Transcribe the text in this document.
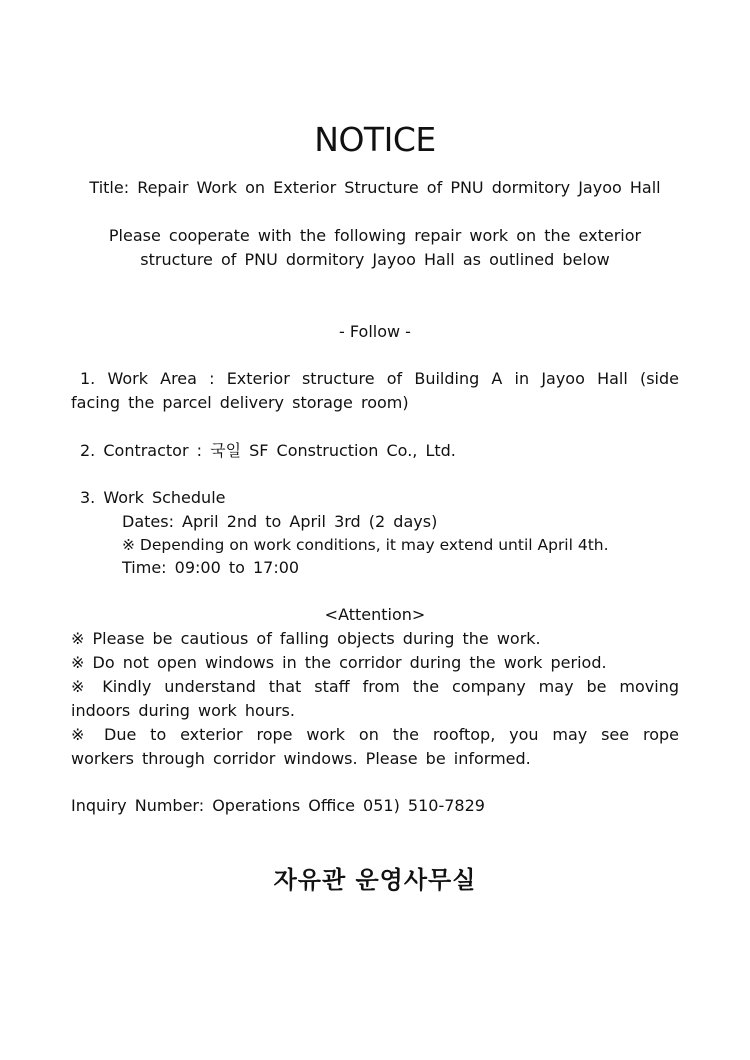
NOTICE
Title: Repair Work on Exterior Structure of PNU dormitory Jayoo Hall
Please cooperate with the following repair work on the exterior
structure of PNU dormitory Jayoo Hall as outlined below
- Follow -
1. Work Area : Exterior structure of Building A in Jayoo Hall (side
facing the parcel delivery storage room)
2. Contractor : 국일 SF Construction Co., Ltd.
3. Work Schedule
Dates: April 2nd to April 3rd (2 days)
※ Depending on work conditions, it may extend until April 4th.
Time: 09:00 to 17:00
<Attention>
※ Please be cautious of falling objects during the work.
※ Do not open windows in the corridor during the work period.
※ Kindly understand that staff from the company may be moving
indoors during work hours.
※ Due to exterior rope work on the rooftop, you may see rope
workers through corridor windows. Please be informed.
Inquiry Number: Operations Office 051) 510-7829
자유관 운영사무실
